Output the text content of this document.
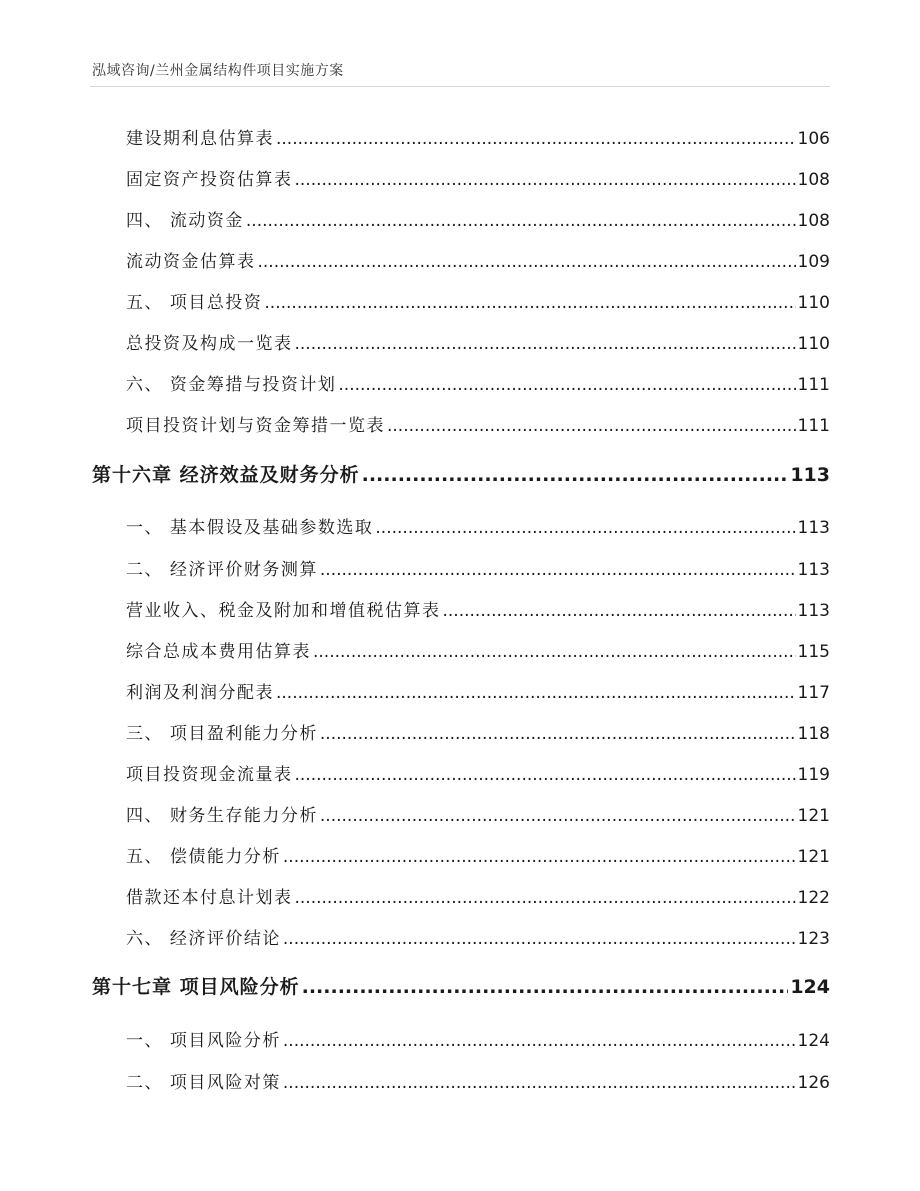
泓域咨询/兰州金属结构件项目实施方案
建设期利息估算表 .....	106
固定资产投资估算表 .....	108
四、 流动资金 .....	108
流动资金估算表 .....	109
五、 项目总投资 .....	110
总投资及构成一览表 .....	110
六、 资金筹措与投资计划 .....	111
项目投资计划与资金筹措一览表 .....	111
第十六章 经济效益及财务分析 .....	113
一、 基本假设及基础参数选取 .....	113
二、 经济评价财务测算 .....	113
营业收入、税金及附加和增值税估算表 .....	113
综合总成本费用估算表 .....	115
利润及利润分配表 .....	117
三、 项目盈利能力分析 .....	118
项目投资现金流量表 .....	119
四、 财务生存能力分析 .....	121
五、 偿债能力分析 .....	121
借款还本付息计划表 .....	122
六、 经济评价结论 .....	123
第十七章 项目风险分析 .....	124
一、 项目风险分析 .....	124
二、 项目风险对策 .....	126
